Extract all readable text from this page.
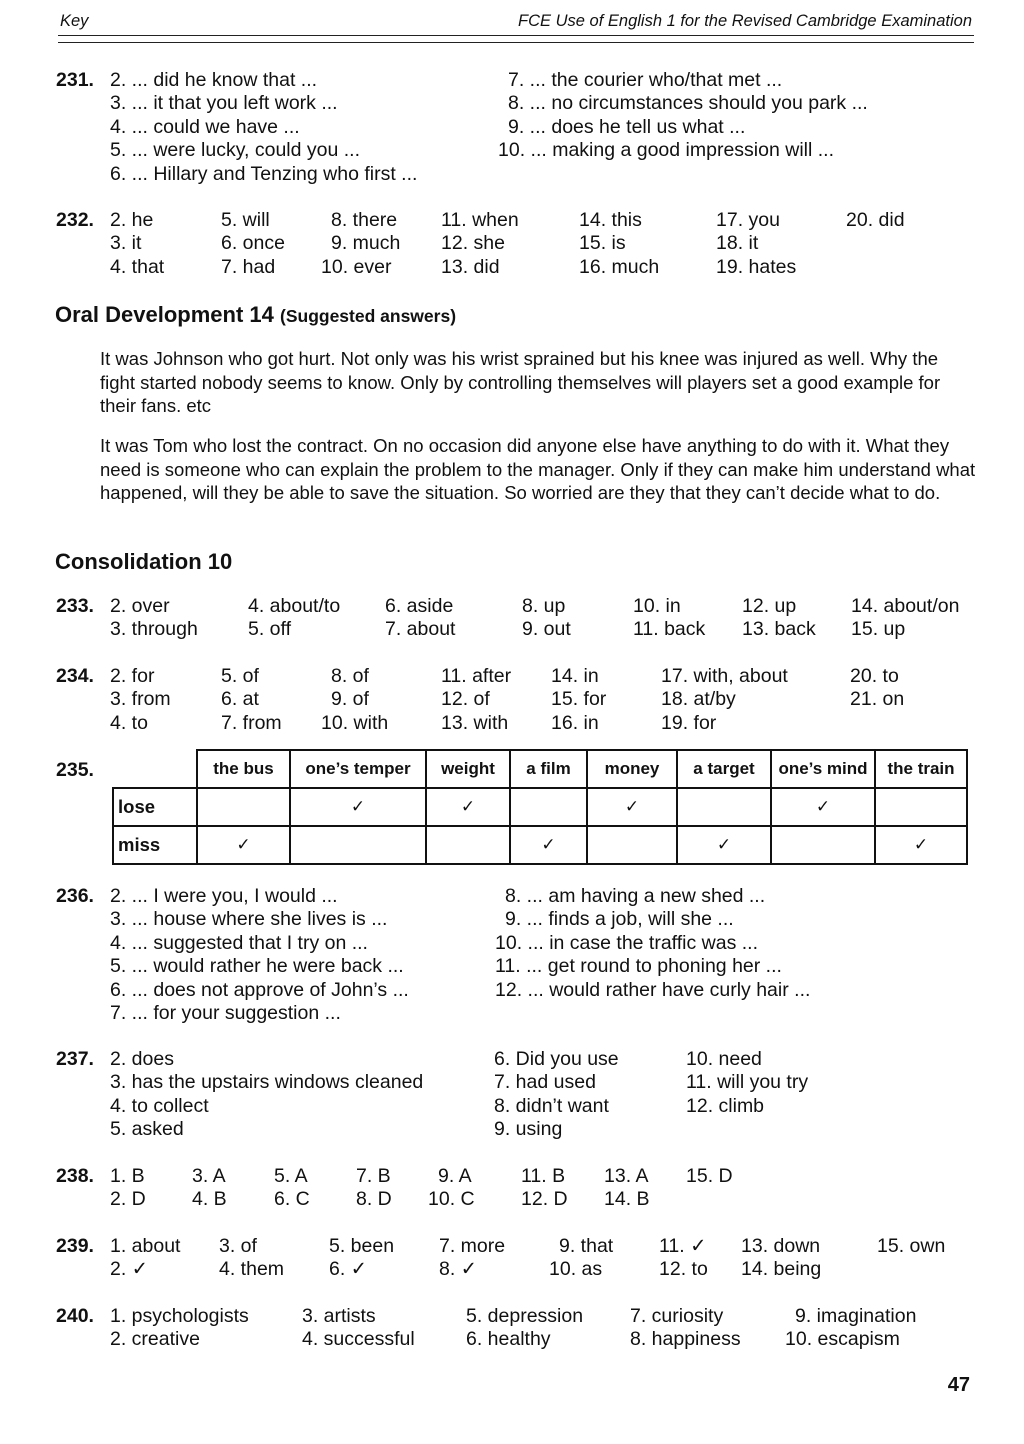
Key	FCE Use of English 1 for the Revised Cambridge Examination
231. 2. ... did he know that ...
3. ... it that you left work ...
4. ... could we have ...
5. ... were lucky, could you ...
6. ... Hillary and Tenzing who first ...
7. ... the courier who/that met ...
8. ... no circumstances should you park ...
9. ... does he tell us what ...
10. ... making a good impression will ...
232. 2. he
3. it
4. that
5. will
6. once
7. had
8. there
9. much
10. ever
11. when
12. she
13. did
14. this
15. is
16. much
17. you
18. it
19. hates
20. did
Oral Development 14 (Suggested answers)
It was Johnson who got hurt. Not only was his wrist sprained but his knee was injured as well. Why the fight started nobody seems to know. Only by controlling themselves will players set a good example for their fans. etc
It was Tom who lost the contract. On no occasion did anyone else have anything to do with it. What they need is someone who can explain the problem to the manager. Only if they can make him understand what happened, will they be able to save the situation. So worried are they that they can’t decide what to do.
Consolidation 10
233. 2. over
3. through
4. about/to
5. off
6. aside
7. about
8. up
9. out
10. in
11. back
12. up
13. back
14. about/on
15. up
234. 2. for
3. from
4. to
5. of
6. at
7. from
8. of
9. of
10. with
11. after
12. of
13. with
14. in
15. for
16. in
17. with, about
18. at/by
19. for
20. to
21. on
235.
		the bus	one’s temper	weight	a film	money	a target	one’s mind	the train
lose		✓	✓		✓		✓	
miss	✓			✓		✓		✓
236. 2. ... I were you, I would ...
3. ... house where she lives is ...
4. ... suggested that I try on ...
5. ... would rather he were back ...
6. ... does not approve of John’s ...
7. ... for your suggestion ...
8. ... am having a new shed ...
9. ... finds a job, will she ...
10. ... in case the traffic was ...
11. ... get round to phoning her ...
12. ... would rather have curly hair ...
237. 2. does
3. has the upstairs windows cleaned
4. to collect
5. asked
6. Did you use
7. had used
8. didn’t want
9. using
10. need
11. will you try
12. climb
238. 1. B
2. D
3. A
4. B
5. A
6. C
7. B
8. D
9. A
10. C
11. B
12. D
13. A
14. B
15. D
239. 1. about
2. ✓
3. of
4. them
5. been
6. ✓
7. more
8. ✓
9. that
10. as
11. ✓
12. to
13. down
14. being
15. own
240. 1. psychologists
2. creative
3. artists
4. successful
5. depression
6. healthy
7. curiosity
8. happiness
9. imagination
10. escapism
47
